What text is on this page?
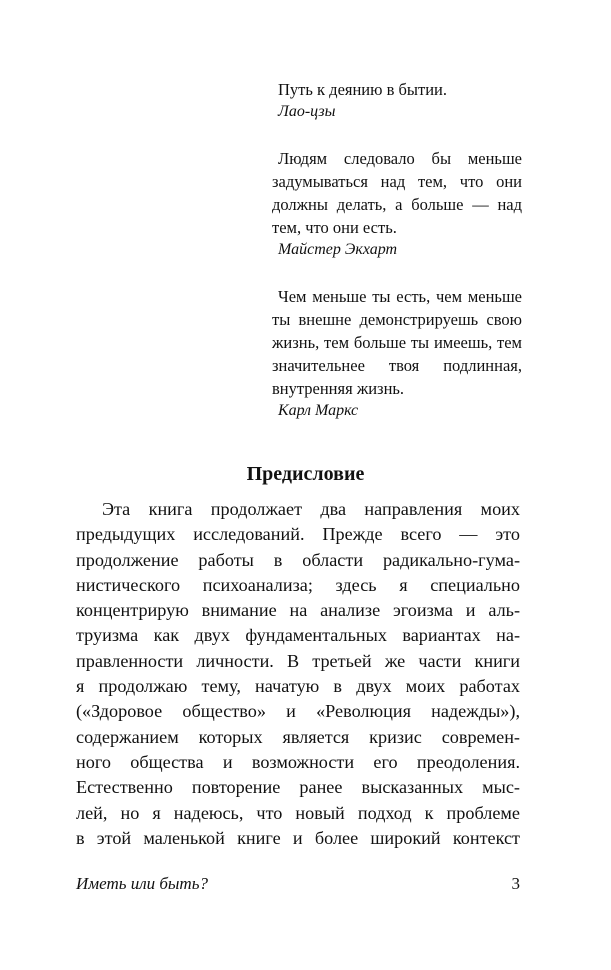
Путь к деянию в бытии.

Лао-цзы

Людям следовало бы меньше задумываться над тем, что они должны делать, а больше — над тем, что они есть.

Майстер Экхарт

Чем меньше ты есть, чем меньше ты внешне демонстрируешь свою жизнь, тем больше ты имеешь, тем значительнее твоя подлинная, внутренняя жизнь.

Карл Маркс

Предисловие
Эта книга продолжает два направления моих
предыдущих исследований. Прежде всего — это
продолжение работы в области радикально-гума-
нистического психоанализа; здесь я специально
концентрирую внимание на анализе эгоизма и аль-
труизма как двух фундаментальных вариантах на-
правленности личности. В третьей же части книги
я продолжаю тему, начатую в двух моих работах
(«Здоровое общество» и «Революция надежды»),
содержанием которых является кризис современ-
ного общества и возможности его преодоления.
Естественно повторение ранее высказанных мыс-
лей, но я надеюсь, что новый подход к проблеме
в этой маленькой книге и более широкий контекст
Иметь или быть?	3
